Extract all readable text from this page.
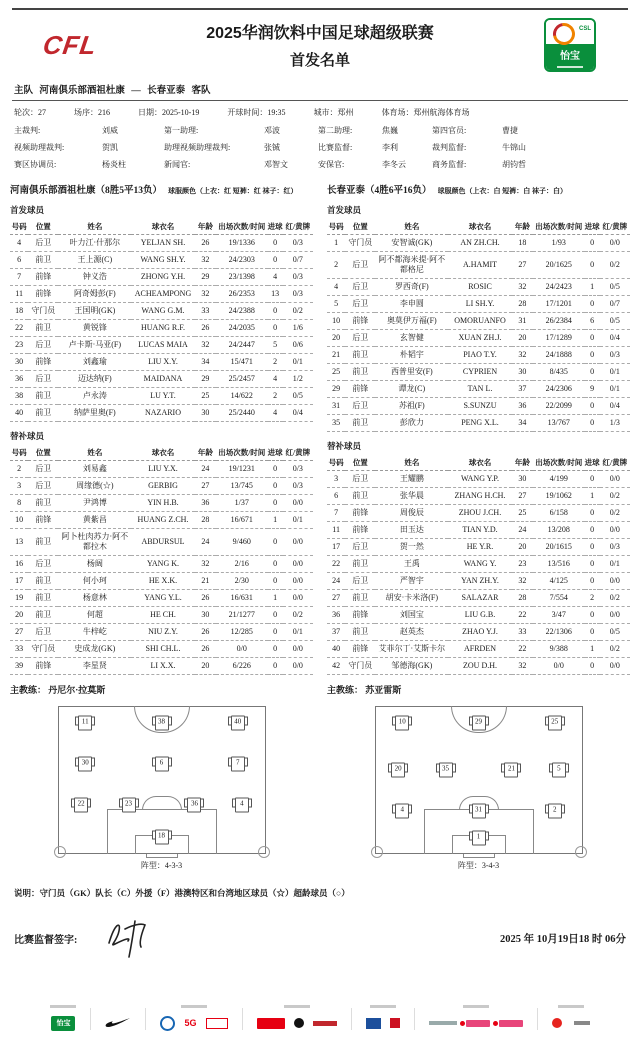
CFL	2025华润饮料中国足球超级联赛
首发名单
CSL
怡宝
主队 河南俱乐部酒祖杜康 — 长春亚泰 客队
轮次：27	场序：216	日期：2025-10-19	开球时间：19:35	城市：郑州	体育场：郑州航海体育场
主裁判:	刘威	第一助理:	邓波	第二助理:	焦巍	第四官员:	曹捷
视频助理裁判:	贺凯	助理视频助理裁判:	张铖	比赛监督:	李利	裁判监督:	牛锦山
赛区协调员:	杨炎柱	新闻官:	邓智文	安保官:	李冬云	商务监督:	胡钧哲
河南俱乐部酒祖杜康（8胜5平13负） 球服颜色（上衣：红 短裤：红 袜子：红）
首发球员
号码	位置	姓名	球衣名	年龄	出场次数/时间	进球	红/黄牌
4	后卫	叶力江·什那尔	YELJAN SH.	26	19/1336	0	0/3
6	前卫	王上源(C)	WANG SH.Y.	32	24/2303	0	0/7
7	前锋	钟义浩	ZHONG Y.H.	29	23/1398	4	0/3
11	前锋	阿奇姆彭(F)	ACHEAMPONG	32	26/2353	13	0/3
18	守门员	王国明(GK)	WANG G.M.	33	24/2388	0	0/2
22	前卫	黄锐锋	HUANG R.F.	26	24/2035	0	1/6
23	后卫	卢卡斯·马亚(F)	LUCAS MAIA	32	24/2447	5	0/6
30	前锋	刘鑫瑜	LIU X.Y.	34	15/471	2	0/1
36	后卫	迈达纳(F)	MAIDANA	29	25/2457	4	1/2
38	前卫	卢永涛	LU Y.T.	25	14/622	2	0/5
40	前卫	纳萨里奥(F)	NAZARIO	30	25/2440	4	0/4
替补球员
号码	位置	姓名	球衣名	年龄	出场次数/时间	进球	红/黄牌
2	后卫	刘易鑫	LIU Y.X.	24	19/1231	0	0/3
3	后卫	周缘德(☆)	GERBIG	27	13/745	0	0/3
8	前卫	尹鸿博	YIN H.B.	36	1/37	0	0/0
10	前锋	黄紫昌	HUANG Z.CH.	28	16/671	1	0/1
13	前卫	阿卜杜肉苏力·阿不都拉木	ABDURSUL	24	9/460	0	0/0
16	后卫	杨阔	YANG K.	32	2/16	0	0/0
17	前卫	何小珂	HE X.K.	21	2/30	0	0/0
19	前卫	杨意林	YANG Y.L.	26	16/631	1	0/0
20	前卫	何超	HE CH.	30	21/1277	0	0/2
27	后卫	牛梓屹	NIU Z.Y.	26	12/285	0	0/1
33	守门员	史成龙(GK)	SHI CH.L.	26	0/0	0	0/0
39	前锋	李星贤	LI X.X.	20	6/226	0	0/0
主教练： 丹尼尔·拉莫斯
11	38	40
30	6	7
22	23	36	4
18
阵型：4-3-3
长春亚泰（4胜6平16负） 球服颜色（上衣：白 短裤：白 袜子：白）
首发球员
号码	位置	姓名	球衣名	年龄	出场次数/时间	进球	红/黄牌
1	守门员	安智诚(GK)	AN ZH.CH.	18	1/93	0	0/0
2	后卫	阿不都海米提·阿不都格尼	A.HAMIT	27	20/1625	0	0/2
4	后卫	罗西奇(F)	ROSIC	32	24/2423	1	0/5
5	后卫	李申圆	LI SH.Y.	28	17/1201	0	0/7
10	前锋	奥莫伊万福(F)	OMORUANFO	31	26/2384	6	0/5
20	后卫	玄智健	XUAN ZH.J.	20	17/1289	0	0/4
21	前卫	朴韬宇	PIAO T.Y.	32	24/1888	0	0/3
25	前卫	西普里安(F)	CYPRIEN	30	8/435	0	0/1
29	前锋	谭龙(C)	TAN L.	37	24/2306	9	0/1
31	后卫	苏祖(F)	S.SUNZU	36	22/2099	0	0/4
35	前卫	彭欣力	PENG X.L.	34	13/767	0	1/3
替补球员
号码	位置	姓名	球衣名	年龄	出场次数/时间	进球	红/黄牌
3	后卫	王耀鹏	WANG Y.P.	30	4/199	0	0/0
6	前卫	张华晨	ZHANG H.CH.	27	19/1062	1	0/2
7	前锋	周俊辰	ZHOU J.CH.	25	6/158	0	0/2
11	前锋	田玉达	TIAN Y.D.	24	13/208	0	0/0
17	后卫	贺一然	HE Y.R.	20	20/1615	0	0/3
22	前卫	王禹	WANG Y.	23	13/516	0	0/1
24	后卫	严智宇	YAN ZH.Y.	32	4/125	0	0/0
27	前卫	胡安·卡米洛(F)	SALAZAR	28	7/554	2	0/2
36	前锋	刘国宝	LIU G.B.	22	3/47	0	0/0
37	前卫	赵英杰	ZHAO Y.J.	33	22/1306	0	0/5
40	前锋	艾菲尔丁·艾斯卡尔	AFRDEN	22	9/388	1	0/2
42	守门员	邹德海(GK)	ZOU D.H.	32	0/0	0	0/0
主教练： 苏亚雷斯
10	29	25
20	35	21	5
4	31	2
1
阵型：3-4-3
说明：守门员（GK）队长（C）外援（F）港澳特区和台湾地区球员（☆）超龄球员（○）
比赛监督签字:	2025 年 10月19日18 时 06分
怡宝	5G
